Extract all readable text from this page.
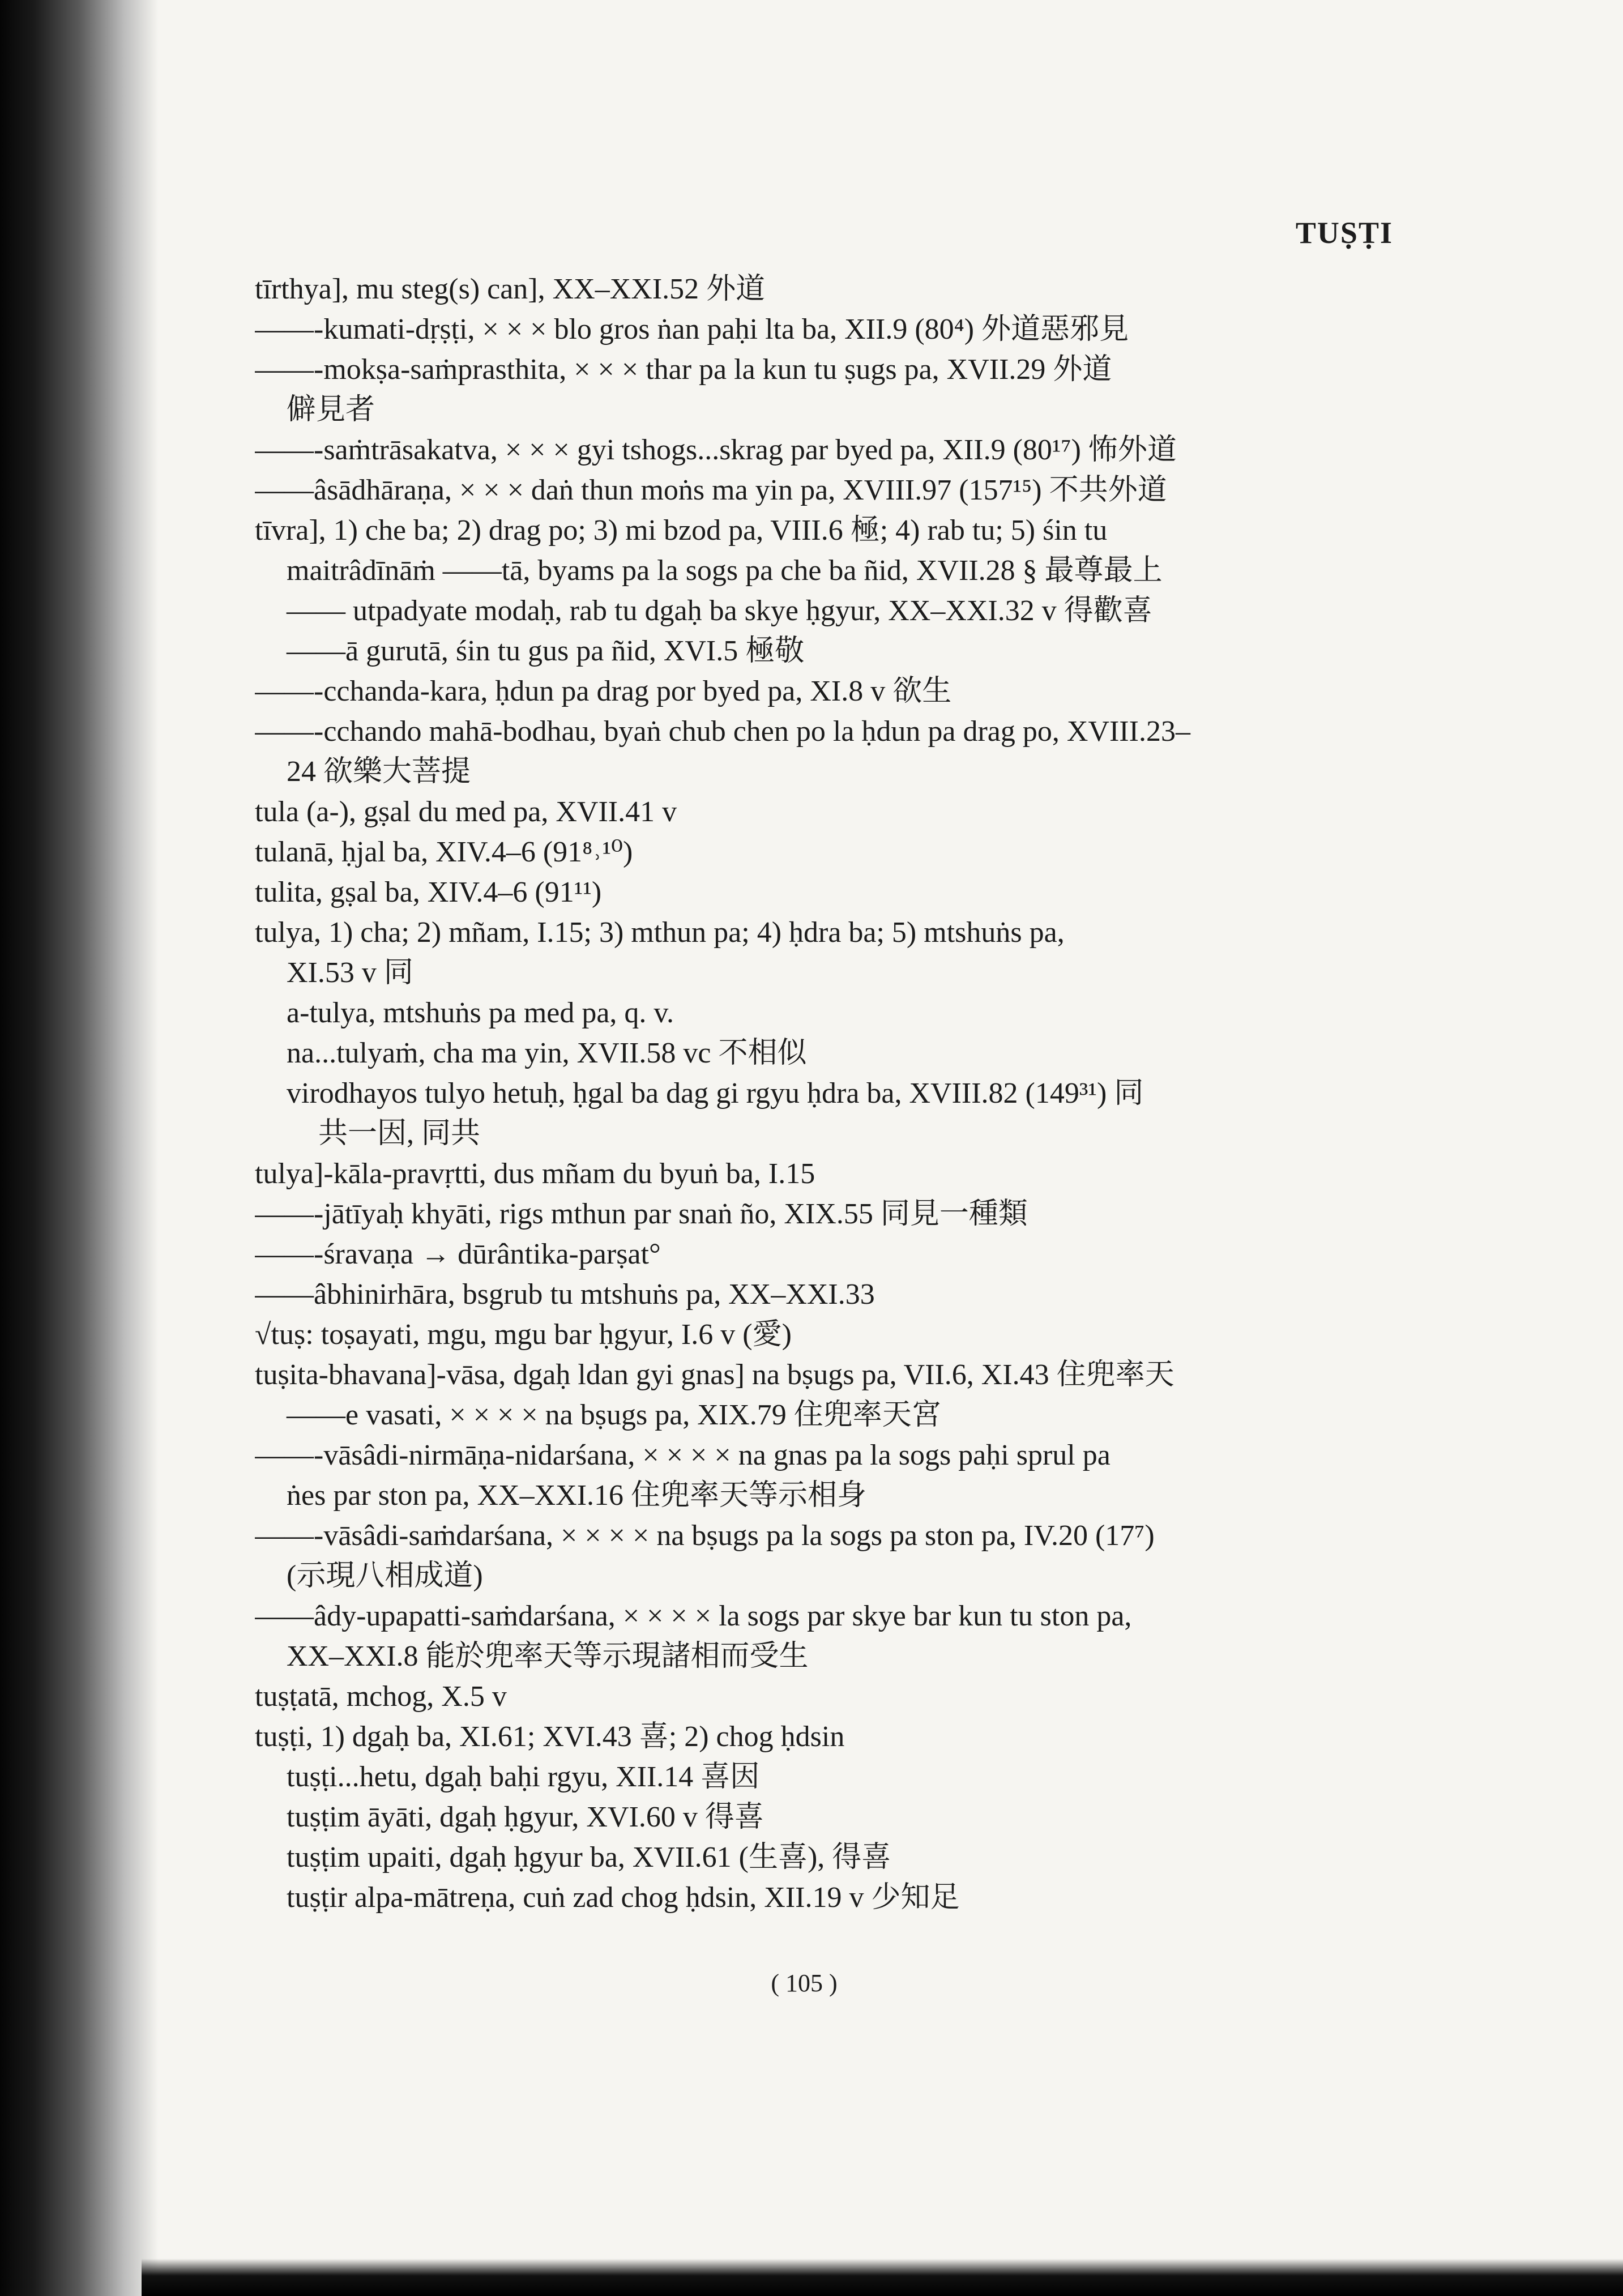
TUṢṬI
tīrthya], mu steg(s) can], XX–XXI.52 外道
——-kumati-dṛṣṭi, × × × blo gros ṅan paḥi lta ba, XII.9 (80⁴) 外道惡邪見
——-mokṣa-saṁprasthita, × × × thar pa la kun tu ṣugs pa, XVII.29 外道
僻見者
——-saṁtrāsakatva, × × × gyi tshogs...skrag par byed pa, XII.9 (80¹⁷) 怖外道
——âsādhāraṇa, × × × daṅ thun moṅs ma yin pa, XVIII.97 (157¹⁵) 不共外道
tīvra], 1) che ba; 2) drag po; 3) mi bzod pa, VIII.6 極; 4) rab tu; 5) śin tu
maitrâdīnāṁ ——tā, byams pa la sogs pa che ba ñid, XVII.28 § 最尊最上
—— utpadyate modaḥ, rab tu dgaḥ ba skye ḥgyur, XX–XXI.32 v 得歡喜
——ā gurutā, śin tu gus pa ñid, XVI.5 極敬
——-cchanda-kara, ḥdun pa drag por byed pa, XI.8 v 欲生
——-cchando mahā-bodhau, byaṅ chub chen po la ḥdun pa drag po, XVIII.23–
24 欲樂大菩提
tula (a-), gṣal du med pa, XVII.41 v
tulanā, ḥjal ba, XIV.4–6 (91⁸˒¹⁰)
tulita, gṣal ba, XIV.4–6 (91¹¹)
tulya, 1) cha; 2) mñam, I.15; 3) mthun pa; 4) ḥdra ba; 5) mtshuṅs pa,
XI.53 v 同
a-tulya, mtshuṅs pa med pa, q. v.
na...tulyaṁ, cha ma yin, XVII.58 vc 不相似
virodhayos tulyo hetuḥ, ḥgal ba dag gi rgyu ḥdra ba, XVIII.82 (149³¹) 同
共一因, 同共
tulya]-kāla-pravṛtti, dus mñam du byuṅ ba, I.15
——-jātīyaḥ khyāti, rigs mthun par snaṅ ño, XIX.55 同見一種類
——-śravaṇa → dūrântika-parṣat°
——âbhinirhāra, bsgrub tu mtshuṅs pa, XX–XXI.33
√tuṣ: toṣayati, mgu, mgu bar ḥgyur, I.6 v (愛)
tuṣita-bhavana]-vāsa, dgaḥ ldan gyi gnas] na bṣugs pa, VII.6, XI.43 住兜率天
——e vasati, × × × × na bṣugs pa, XIX.79 住兜率天宮
——-vāsâdi-nirmāṇa-nidarśana, × × × × na gnas pa la sogs paḥi sprul pa
ṅes par ston pa, XX–XXI.16 住兜率天等示相身
——-vāsâdi-saṁdarśana, × × × × na bṣugs pa la sogs pa ston pa, IV.20 (17⁷)
(示現八相成道)
——âdy-upapatti-saṁdarśana, × × × × la sogs par skye bar kun tu ston pa,
XX–XXI.8 能於兜率天等示現諸相而受生
tuṣṭatā, mchog, X.5 v
tuṣṭi, 1) dgaḥ ba, XI.61; XVI.43 喜; 2) chog ḥdsin
tuṣṭi...hetu, dgaḥ baḥi rgyu, XII.14 喜因
tuṣṭim āyāti, dgaḥ ḥgyur, XVI.60 v 得喜
tuṣṭim upaiti, dgaḥ ḥgyur ba, XVII.61 (生喜), 得喜
tuṣṭir alpa-mātreṇa, cuṅ zad chog ḥdsin, XII.19 v 少知足
( 105 )
